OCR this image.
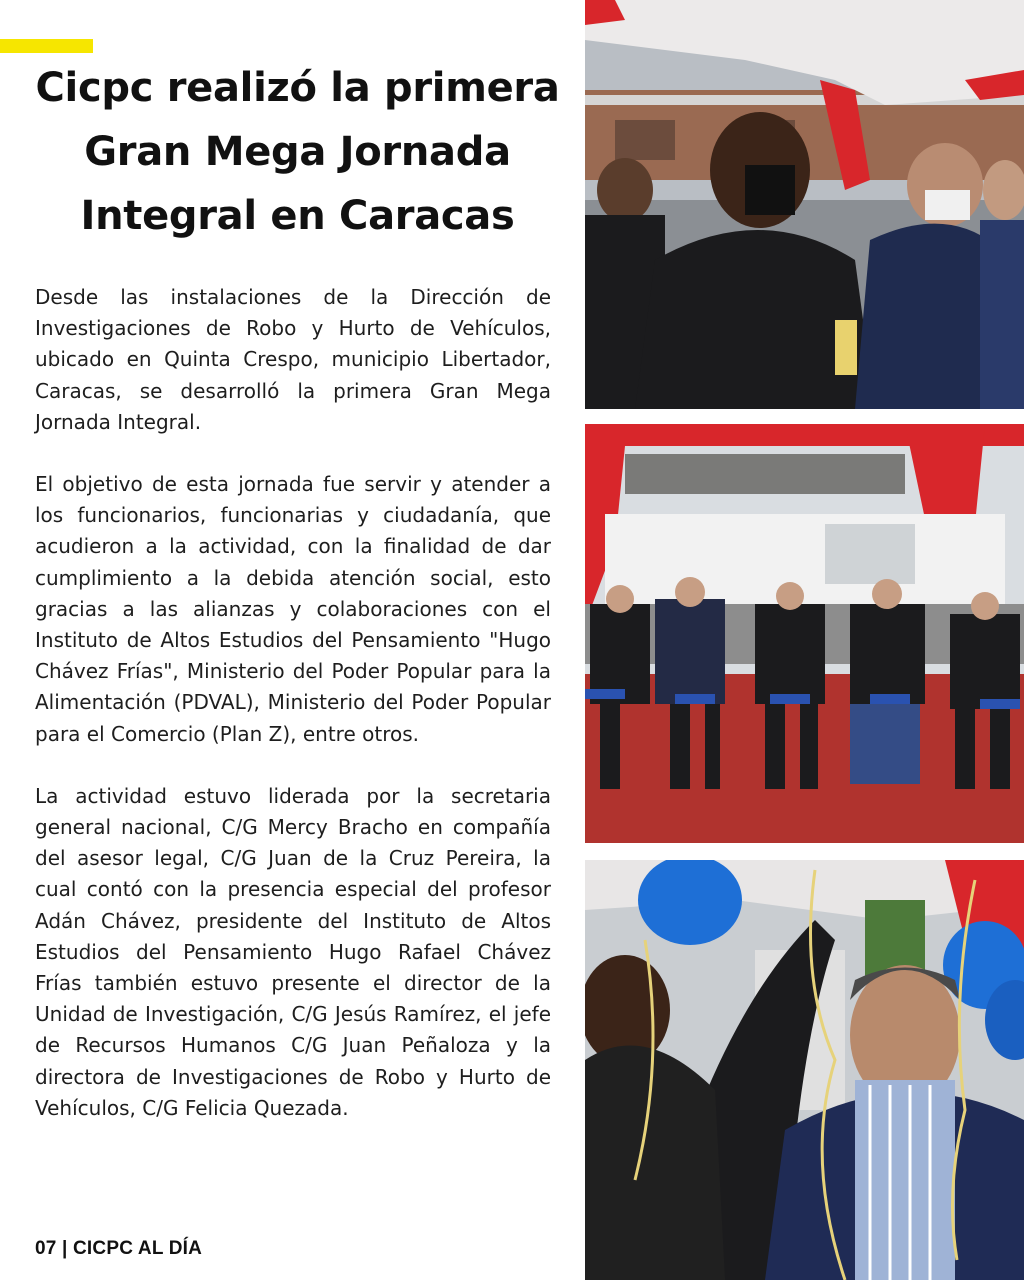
Cicpc realizó la primera Gran Mega Jornada Integral en Caracas

Desde las instalaciones de la Dirección de Investigaciones de Robo y Hurto de Vehículos, ubicado en Quinta Crespo, municipio Libertador, Caracas, se desarrolló la primera Gran Mega Jornada Integral.

El objetivo de esta jornada fue servir y atender a los funcionarios, funcionarias y ciudadanía, que acudieron a la actividad, con la finalidad de dar cumplimiento a la debida atención social, esto gracias a las alianzas y colaboraciones con el Instituto de Altos Estudios del Pensamiento "Hugo Chávez Frías", Ministerio del Poder Popular para la Alimentación (PDVAL), Ministerio del Poder Popular para el Comercio (Plan Z), entre otros.

La actividad estuvo liderada por la secretaria general nacional, C/G Mercy Bracho en compañía del asesor legal, C/G Juan de la Cruz Pereira, la cual contó con la presencia especial del profesor Adán Chávez, presidente del Instituto de Altos Estudios del Pensamiento Hugo Rafael Chávez Frías también estuvo presente el director de la Unidad de Investigación, C/G Jesús Ramírez, el jefe de Recursos Humanos C/G Juan Peñaloza y la directora de Investigaciones de Robo y Hurto de Vehículos, C/G Felicia Quezada.

07 | CICPC AL DÍA
